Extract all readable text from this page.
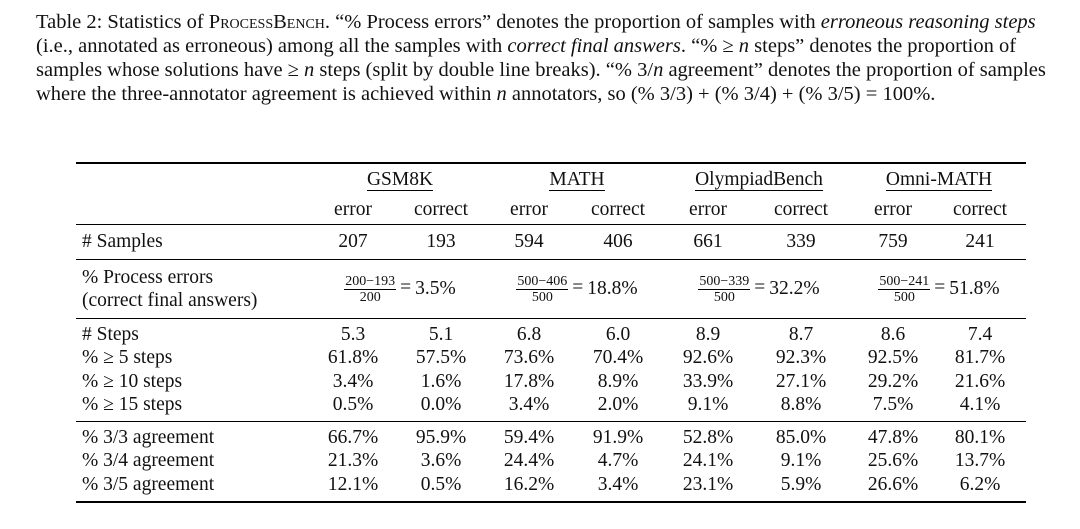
Table 2: Statistics of ProcessBench. “% Process errors” denotes the proportion of samples with erroneous reasoning steps (i.e., annotated as erroneous) among all the samples with correct final answers. “% ≥ n steps” denotes the proportion of samples whose solutions have ≥ n steps (split by double line breaks). “% 3/n agreement” denotes the proportion of samples where the three-annotator agreement is achieved within n annotators, so (% 3/3) + (% 3/4) + (% 3/5) = 100%.

	GSM8K		MATH		OlympiadBench		Omni-MATH	
	error	correct	error	correct	error	correct	error	correct
# Samples	207	193	594	406	661	339	759	241
% Process errors
(correct final answers)	$\frac{200-193}{200} = 3.5\%$		$\frac{500-406}{500} = 18.8\%$		$\frac{500-339}{500} = 32.2\%$		$\frac{500-241}{500} = 51.8\%$	
# Steps	5.3	5.1	6.8	6.0	8.9	8.7	8.6	7.4
% ≥ 5 steps	61.8%	57.5%	73.6%	70.4%	92.6%	92.3%	92.5%	81.7%
% ≥ 10 steps	3.4%	1.6%	17.8%	8.9%	33.9%	27.1%	29.2%	21.6%
% ≥ 15 steps	0.5%	0.0%	3.4%	2.0%	9.1%	8.8%	7.5%	4.1%
% 3/3 agreement	66.7%	95.9%	59.4%	91.9%	52.8%	85.0%	47.8%	80.1%
% 3/4 agreement	21.3%	3.6%	24.4%	4.7%	24.1%	9.1%	25.6%	13.7%
% 3/5 agreement	12.1%	0.5%	16.2%	3.4%	23.1%	5.9%	26.6%	6.2%
